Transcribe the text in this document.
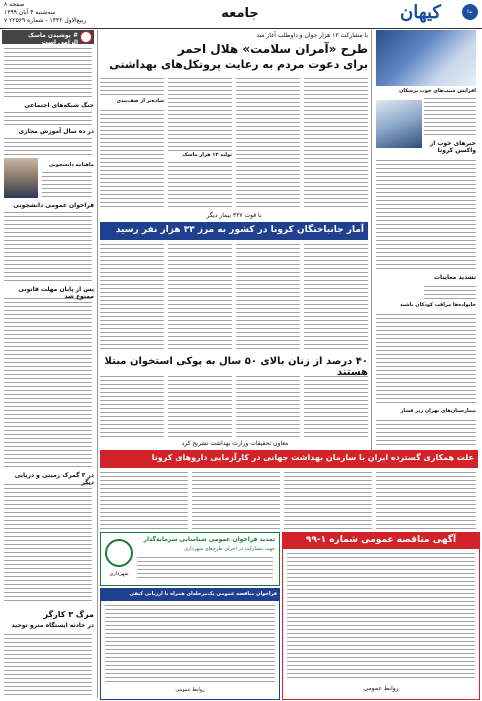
صفحه ۸
سه‌شنبه ۴ آبان ۱۳۹۹
۷ ربیع‌الاول ۱۴۴۲ - شماره ۲۲۵۶۹	جامعه	کیهان	ندا
# پوشیدن ماسک الزامی است
جنگ شبکه‌های اجتماعی
در ده سال آموزش مجازی
ماهنامه دانشجویی
فراخوان عمومی دانشجویی
پس از پایان مهلت قانونی ممنوع شد
در ۳ گمرک زمینی و دریایی دیگر
مرگ ۳ کارگر
در حادثه ایستگاه مترو توحید
افزایش شیب‌های خوب پزشکان
خبرهای خوب از واکسن کرونا
تشدید معاینات
خانواده‌ها مراقب کودکان باشند
بیمارستان‌های تهران زیر فشار
با مشارکت ۱۳ هزار جوان و داوطلب آغاز شد
طرح «آمران سلامت» هلال احمر
برای دعوت مردم به رعایت پروتکل‌های بهداشتی
ساده‌تر از صف‌بندی
تولید ۱۳ هزار ماسک
با فوت ۳۳۷ بیمار دیگر
آمار جانباختگان کرونا در کشور به مرز ۳۳ هزار نفر رسید
۴۰ درصد از زنان بالای ۵۰ سال به پوکی استخوان مبتلا هستند
معاون تحقیقات وزارت بهداشت تشریح کرد
علت همکاری گسترده ایران با سازمان بهداشت جهانی در کارآزمایی داروهای کرونا
تمدید فراخوان عمومی شناسایی سرمایه‌گذار
جهت مشارکت در اجرای طرح‌های شهرداری
شهرداری
فراخوان مناقصه عمومی یک‌مرحله‌ای همراه با ارزیابی کیفی
روابط عمومی
آگهی مناقصه عمومی شماره ۱-۹۹
روابط عمومی
